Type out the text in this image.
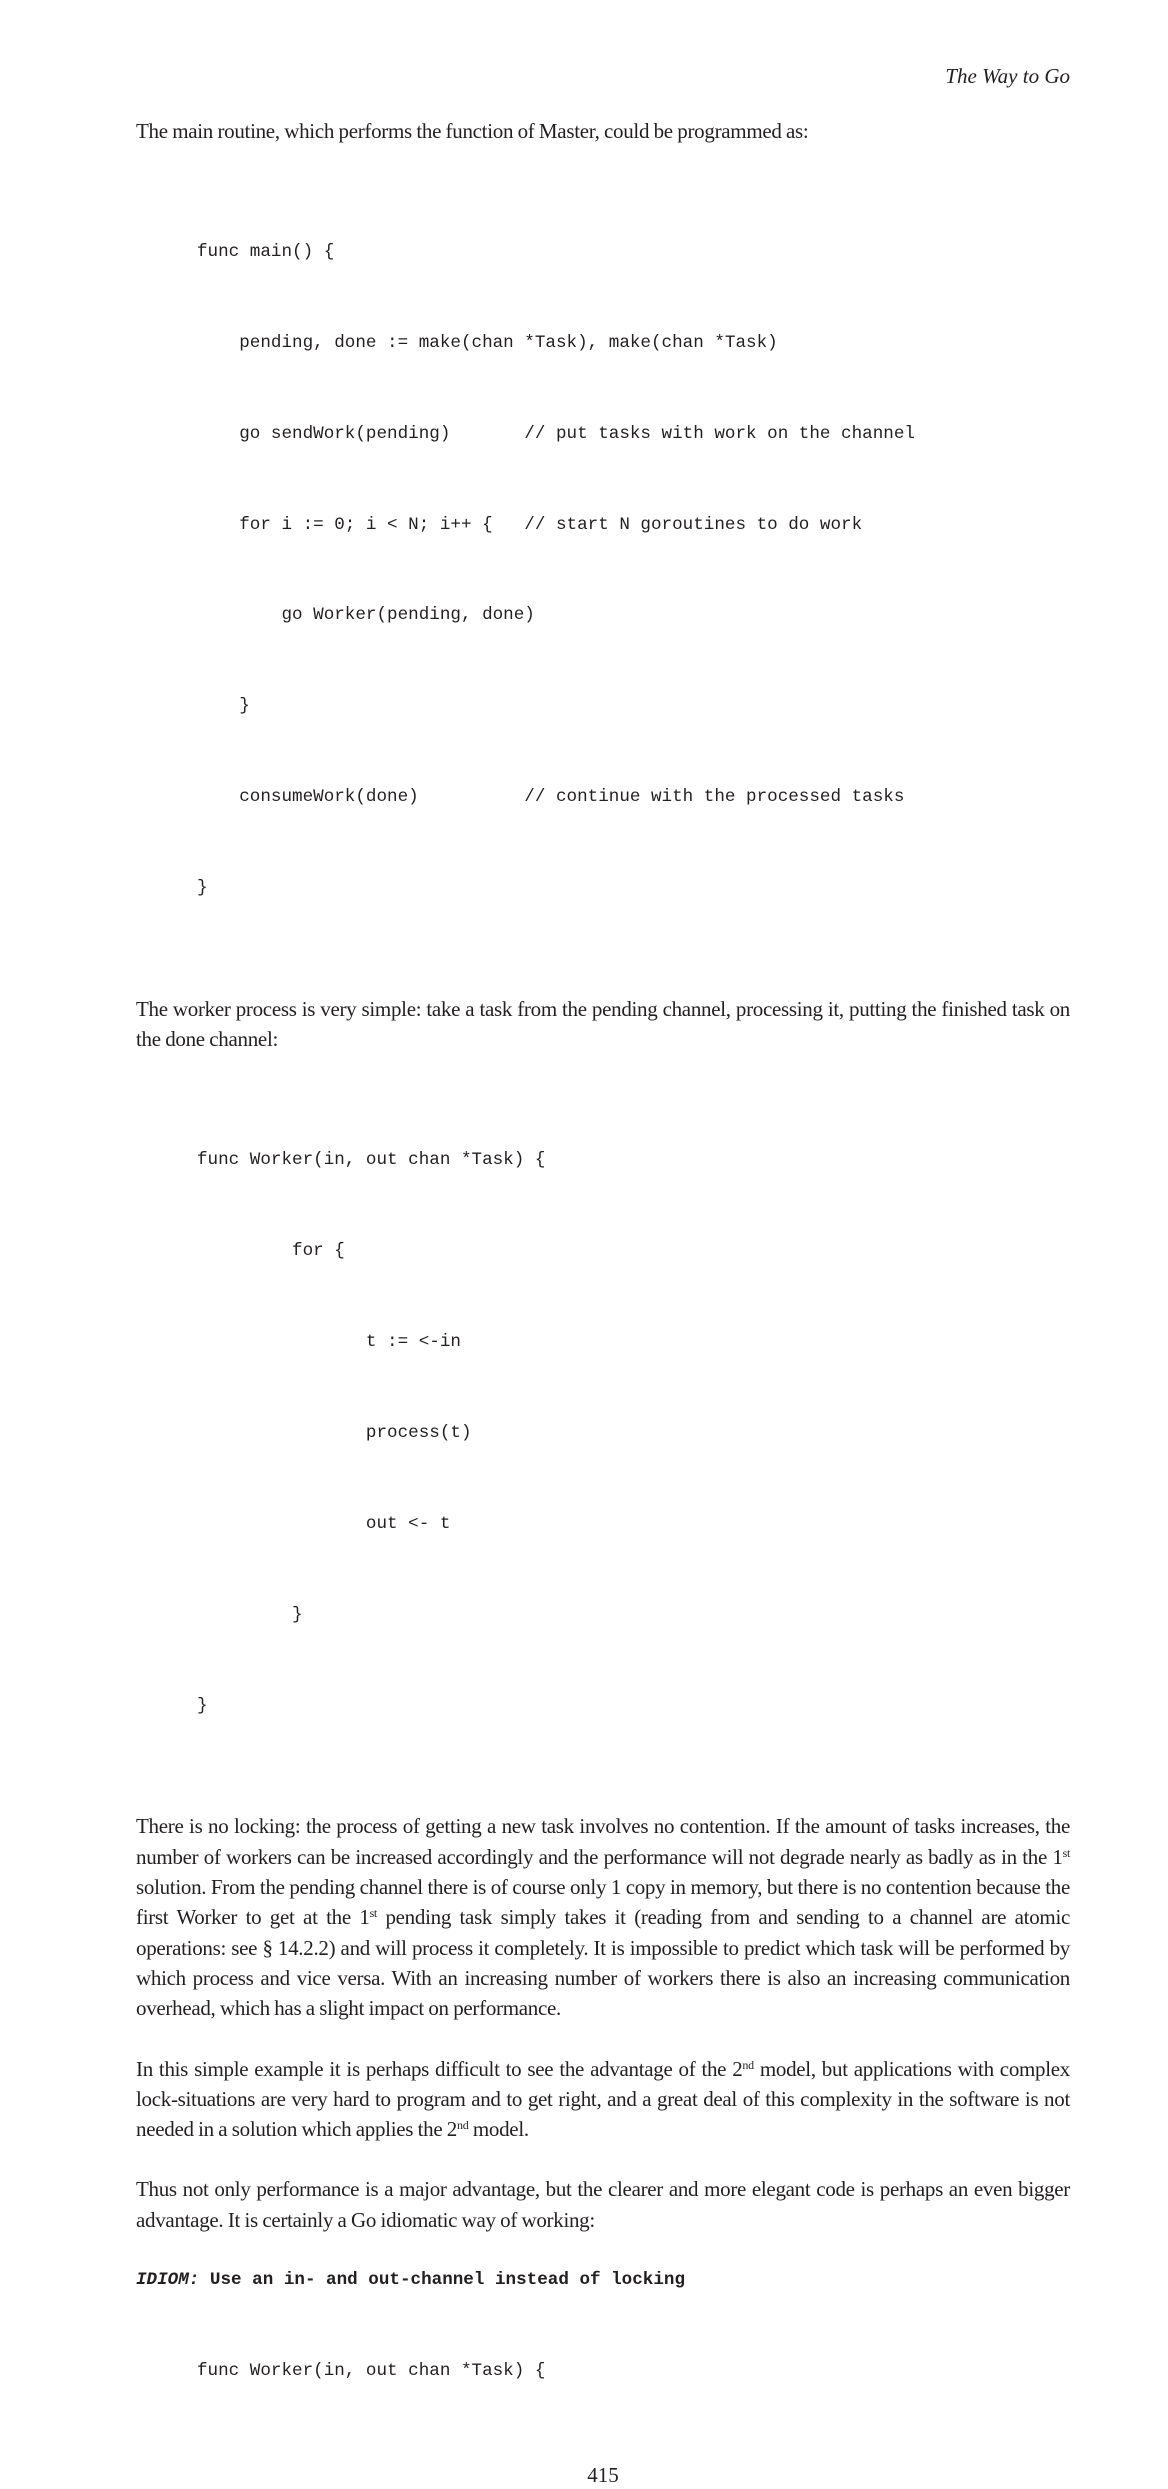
The Way to Go

The main routine, which performs the function of Master, could be programmed as:

func main() {

pending, done := make(chan *Task), make(chan *Task)

go sendWork(pending)       // put tasks with work on the channel

for i := 0; i < N; i++ {   // start N goroutines to do work

go Worker(pending, done)

}

consumeWork(done)          // continue with the processed tasks

}

The worker process is very simple: take a task from the pending channel, processing it, putting the finished task on the done channel:

func Worker(in, out chan *Task) {

for {

t := <-in

process(t)

out <- t

}

}

There is no locking: the process of getting a new task involves no contention. If the amount of tasks increases, the number of workers can be increased accordingly and the performance will not degrade nearly as badly as in the 1st solution. From the pending channel there is of course only 1 copy in memory, but there is no contention because the first Worker to get at the 1st pending task simply takes it (reading from and sending to a channel are atomic operations: see § 14.2.2) and will process it completely. It is impossible to predict which task will be performed by which process and vice versa. With an increasing number of workers there is also an increasing communication overhead, which has a slight impact on performance.

In this simple example it is perhaps difficult to see the advantage of the 2nd model, but applications with complex lock-situations are very hard to program and to get right, and a great deal of this complexity in the software is not needed in a solution which applies the 2nd model.

Thus not only performance is a major advantage, but the clearer and more elegant code is perhaps an even bigger advantage. It is certainly a Go idiomatic way of working:

IDIOM: Use an in- and out-channel instead of locking

func Worker(in, out chan *Task) {

415
